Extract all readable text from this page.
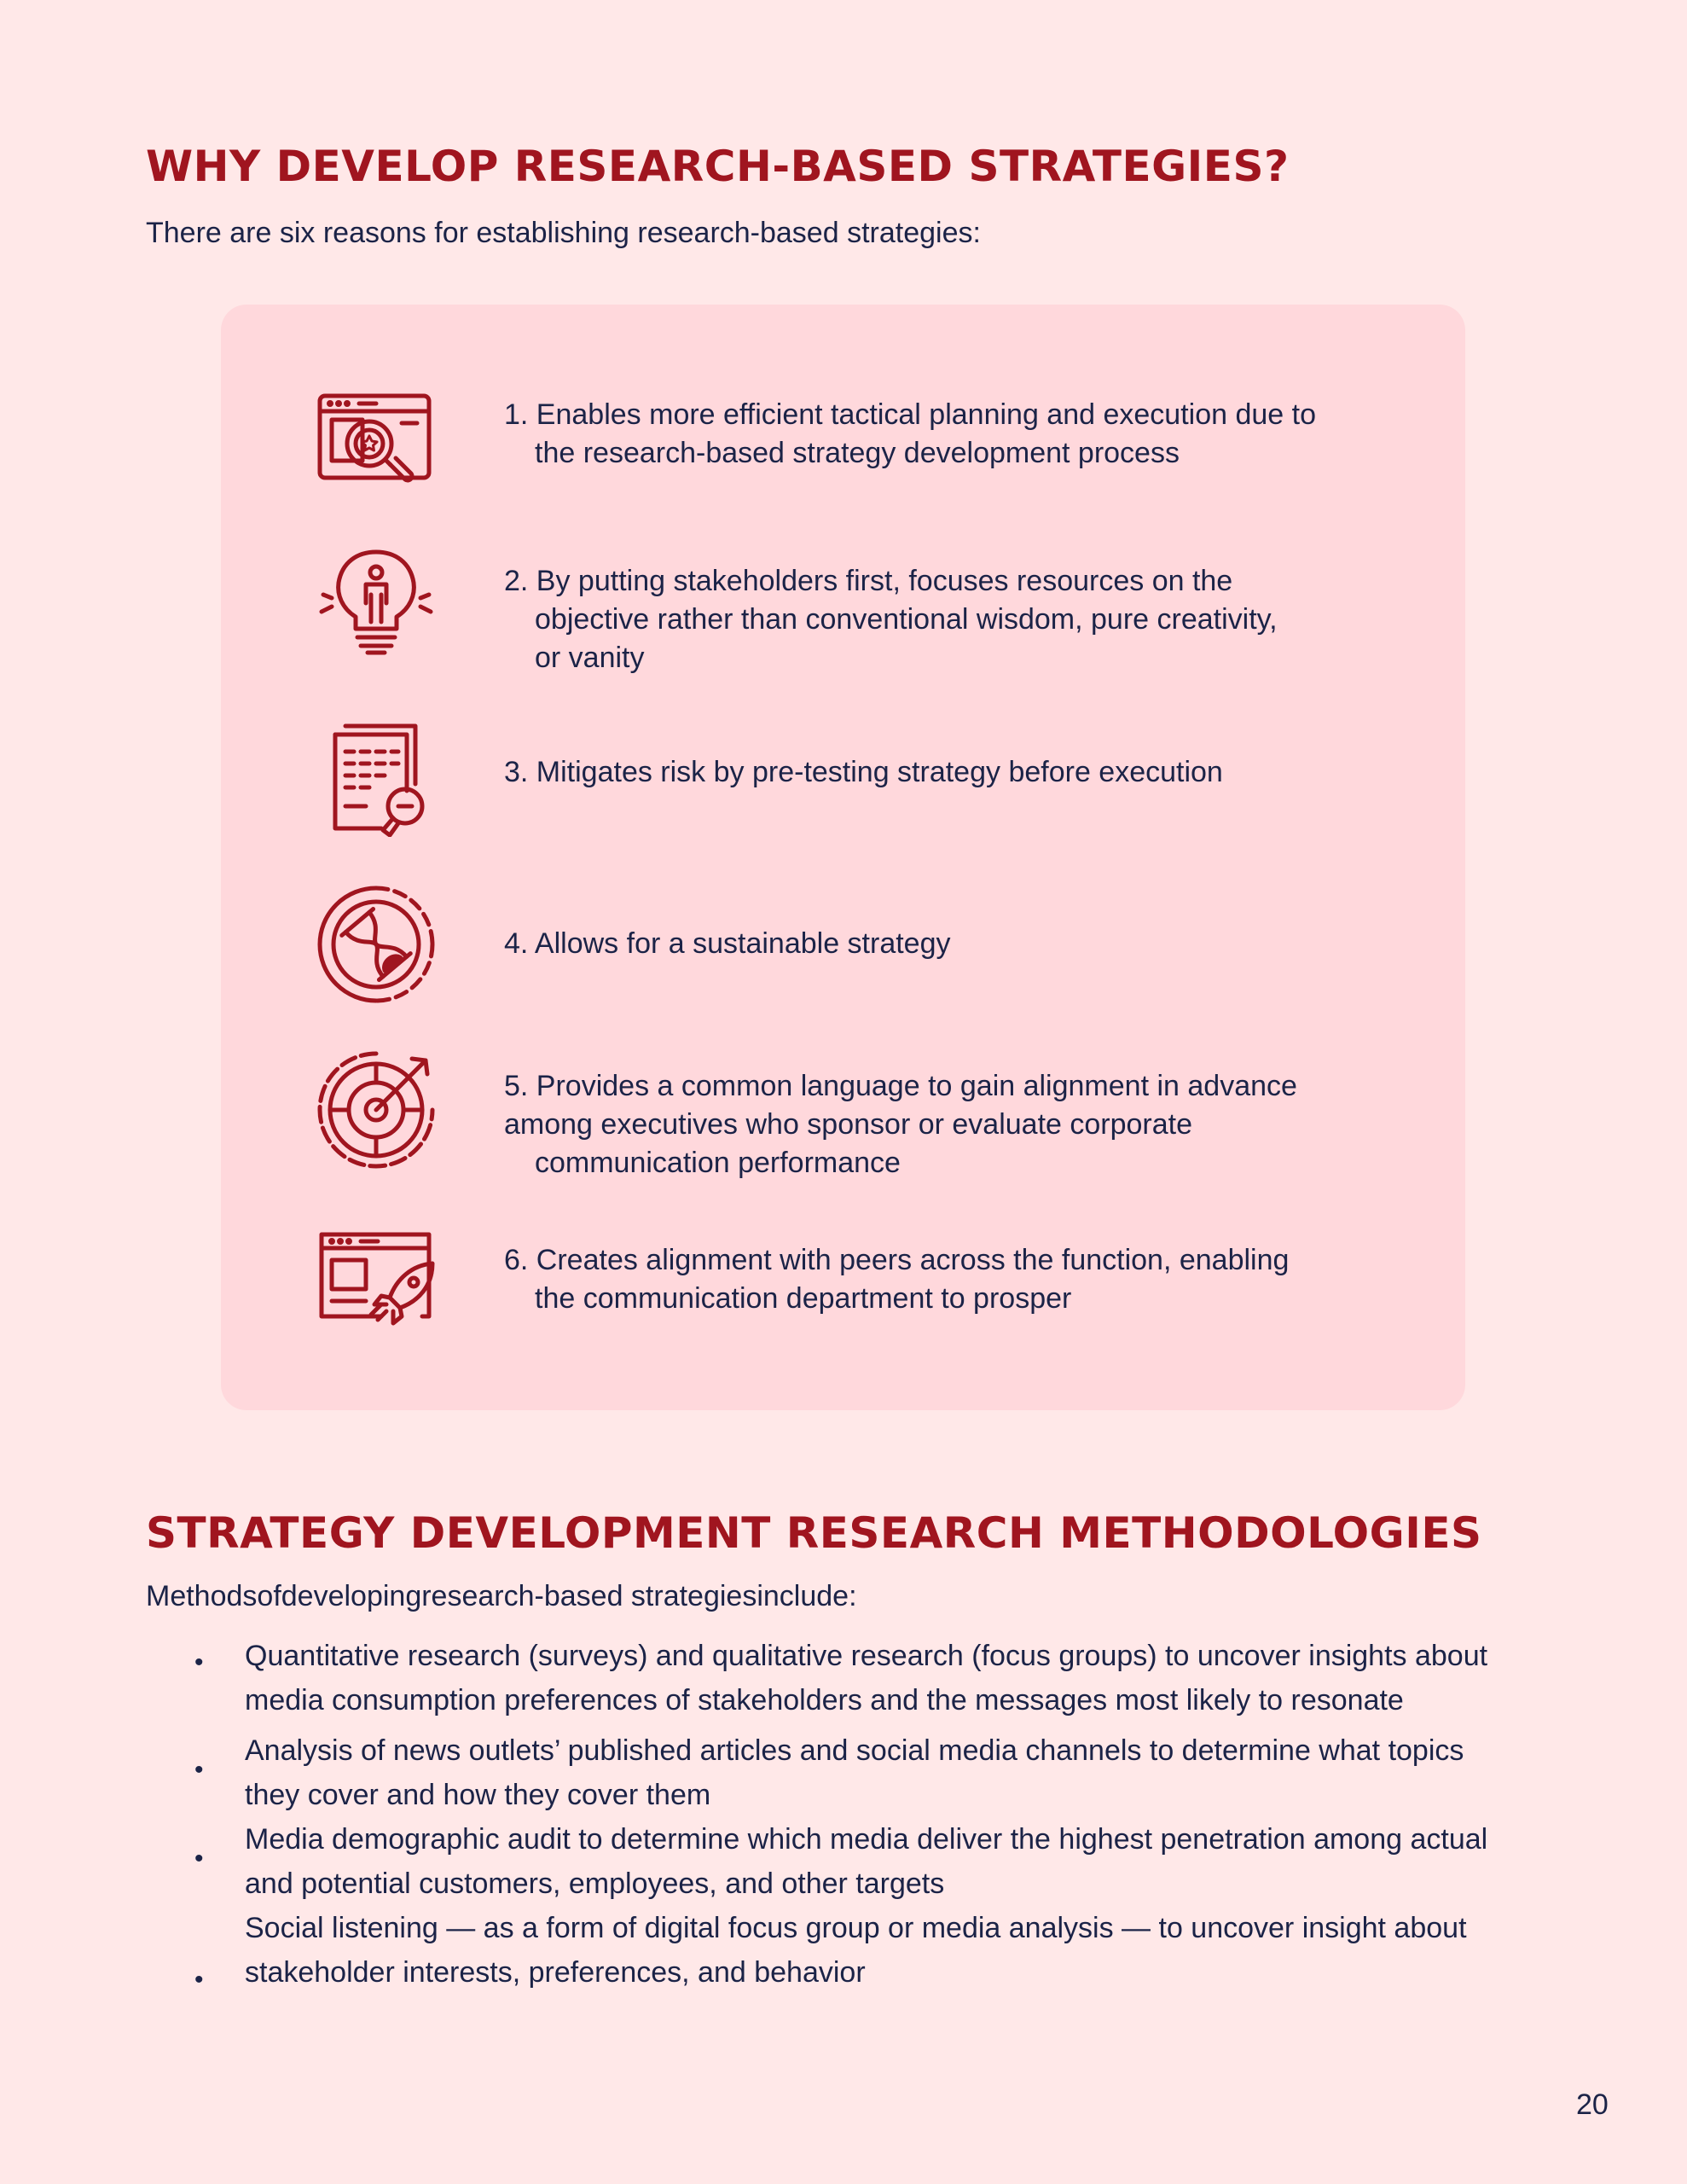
WHY DEVELOP RESEARCH-BASED STRATEGIES?

There are six reasons for establishing research-based strategies:

1. Enables more efficient tactical planning and execution due to
the research-based strategy development process

2. By putting stakeholders first, focuses resources on the
objective rather than conventional wisdom, pure creativity,
or vanity

3. Mitigates risk by pre-testing strategy before execution

4. Allows for a sustainable strategy

5. Provides a common language to gain alignment in advance
among executives who sponsor or evaluate corporate
communication performance

6. Creates alignment with peers across the function, enabling
the communication department to prosper

STRATEGY DEVELOPMENT RESEARCH METHODOLOGIES

Methodsofdevelopingresearch-based strategiesinclude:

• Quantitative research (surveys) and qualitative research (focus groups) to uncover insights about
media consumption preferences of stakeholders and the messages most likely to resonate

•

Analysis of news outlets’ published articles and social media channels to determine what topics
they cover and how they cover them

•

Media demographic audit to determine which media deliver the highest penetration among actual
and potential customers, employees, and other targets

•

Social listening — as a form of digital focus group or media analysis — to uncover insight about
stakeholder interests, preferences, and behavior

20
